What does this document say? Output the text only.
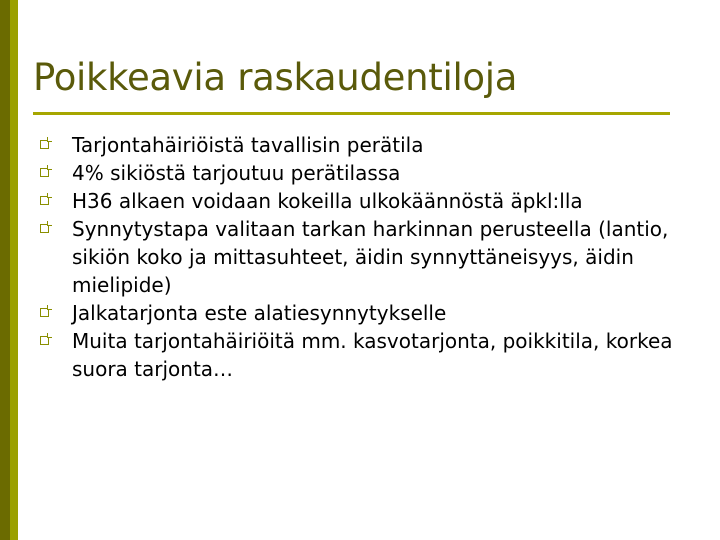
Poikkeavia raskaudentiloja
Tarjontahäiriöistä tavallisin perätila
4% sikiöstä tarjoutuu perätilassa
H36 alkaen voidaan kokeilla ulkokäännöstä äpkl:lla
Synnytystapa valitaan tarkan harkinnan perusteella (lantio, sikiön koko ja mittasuhteet, äidin synnyttäneisyys, äidin mielipide)
Jalkatarjonta este alatiesynnytykselle
Muita tarjontahäiriöitä mm. kasvotarjonta, poikkitila, korkea suora tarjonta…
